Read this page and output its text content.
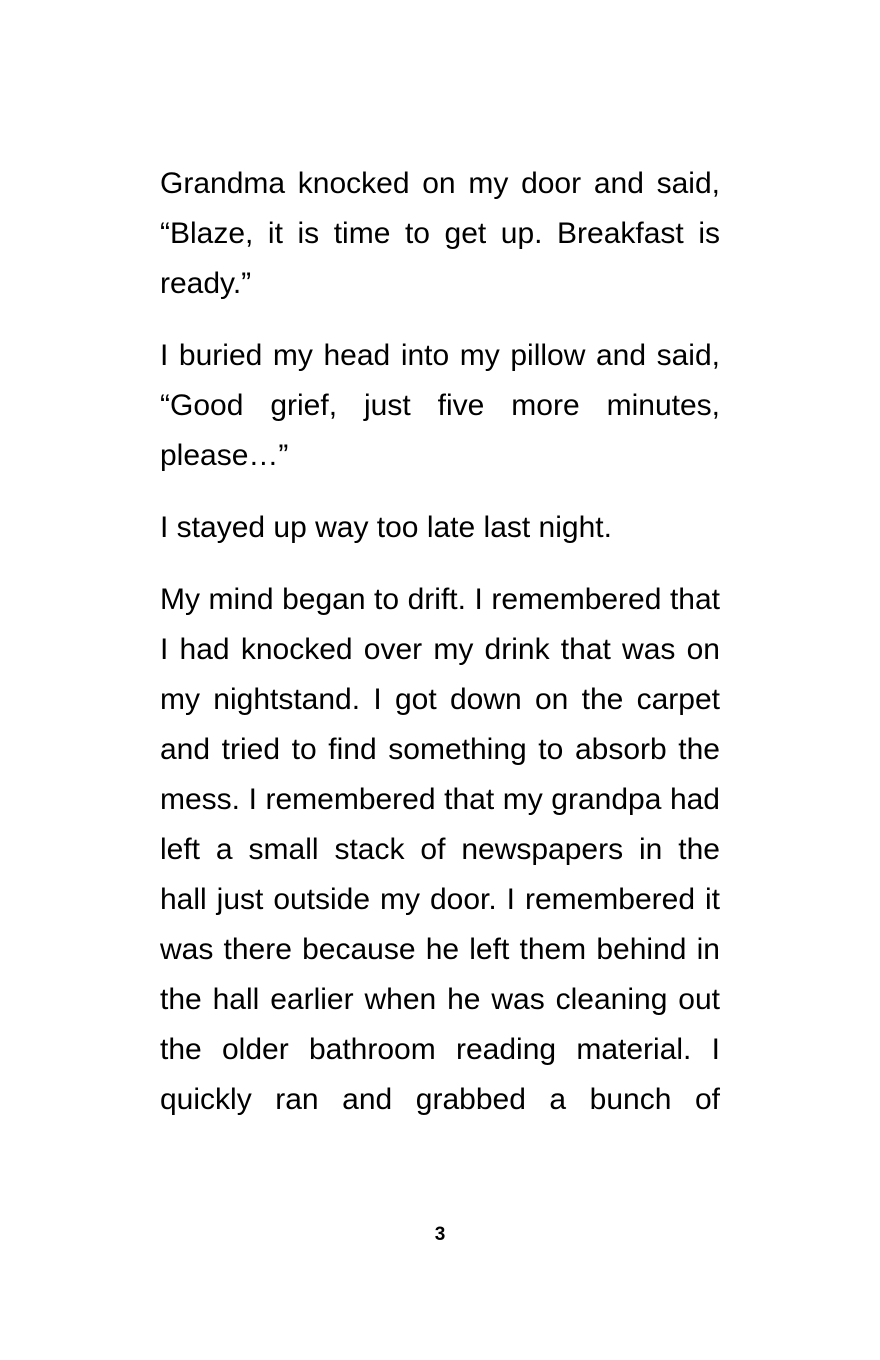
Grandma knocked on my door and said, “Blaze, it is time to get up. Breakfast is ready.”

I buried my head into my pillow and said, “Good grief, just five more minutes, please…”

I stayed up way too late last night.

My mind began to drift. I remembered that I had knocked over my drink that was on my nightstand. I got down on the carpet and tried to find something to absorb the mess. I remembered that my grandpa had left a small stack of newspapers in the hall just outside my door. I remembered it was there because he left them behind in the hall earlier when he was cleaning out the older bathroom reading material. I quickly ran and grabbed a bunch of

3
